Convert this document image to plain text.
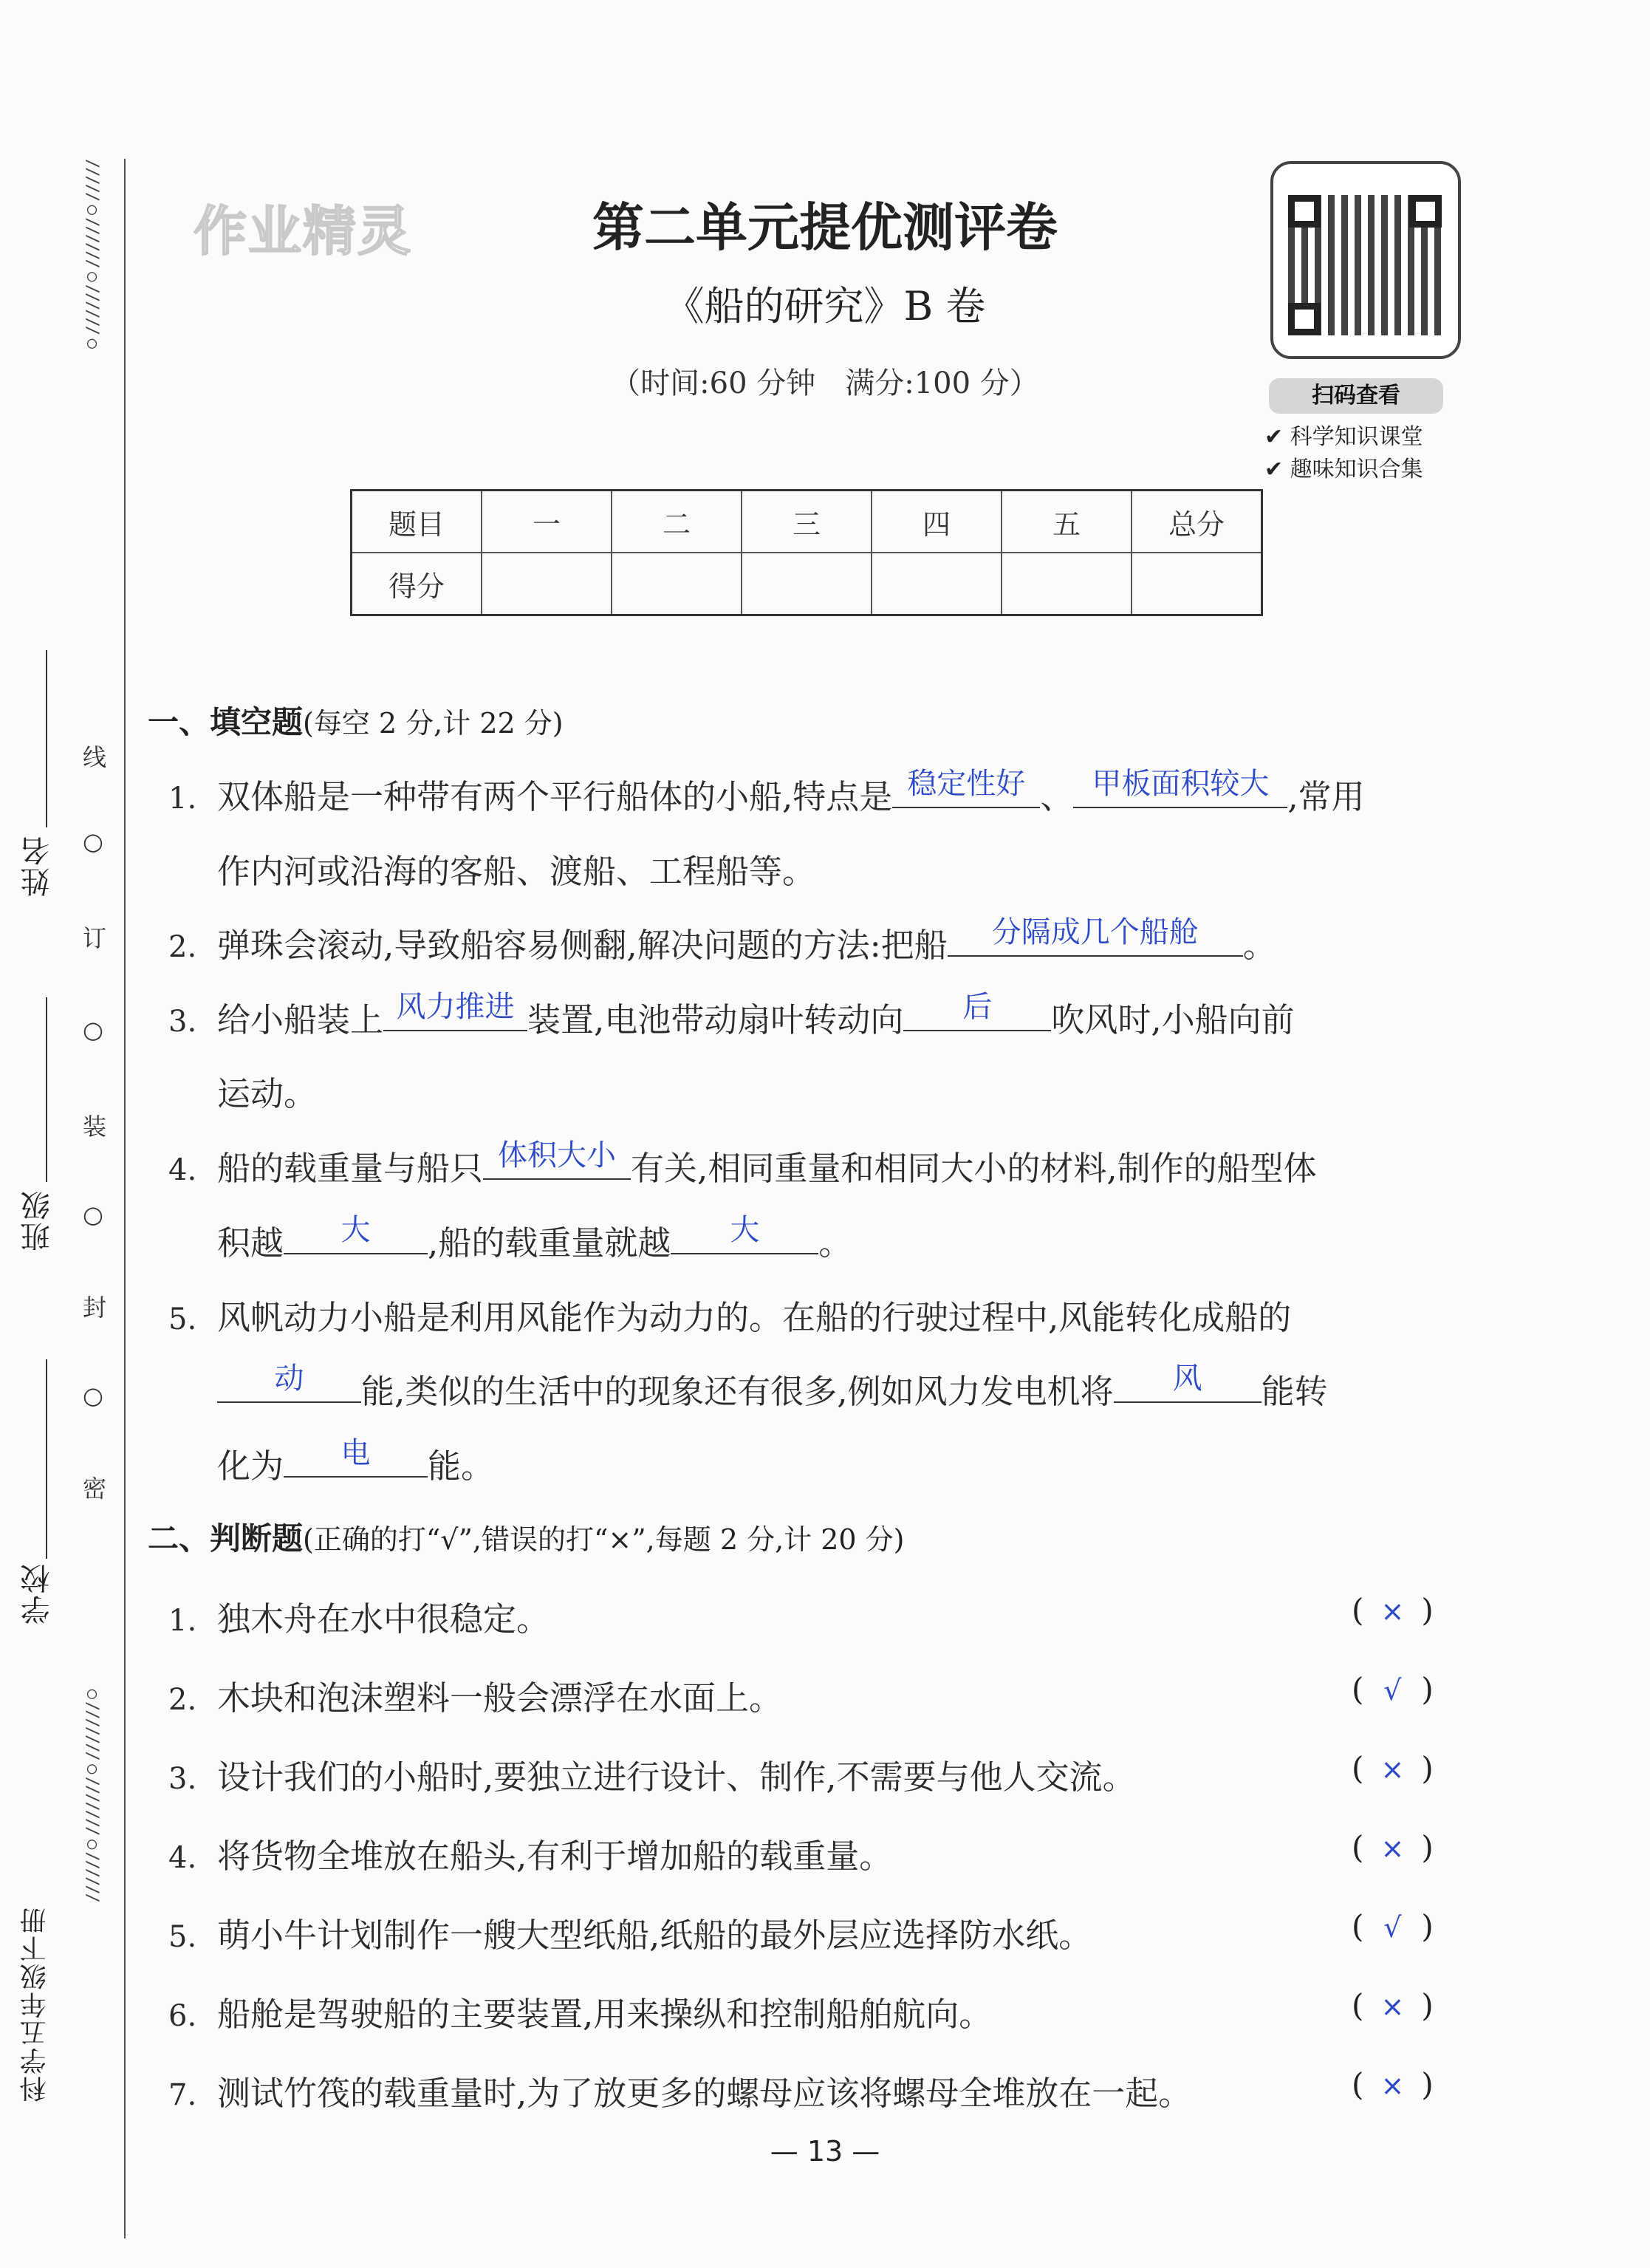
/////○//////○//////○
○///////○///////○//////
线
○
订
○
装
○
封
○
密
姓名
班级
学校
科学五年级下册
作业精灵	第二单元提优测评卷
《船的研究》B 卷
（时间:60 分钟　满分:100 分）	扫码查看
✔ 科学知识课堂
✔ 趣味知识合集
题目	一	二	三	四	五	总分
得分						
一、填空题(每空 2 分,计 22 分)
1. 双体船是一种带有两个平行船体的小船,特点是 稳定性好 、 甲板面积较大 ,常用
作内河或沿海的客船、渡船、工程船等。
2. 弹珠会滚动,导致船容易侧翻,解决问题的方法:把船	分隔成几个船舱	。
3. 给小船装上 风力推进 装置,电池带动扇叶转动向	后	吹风时,小船向前
运动。
4. 船的载重量与船只 体积大小 有关,相同重量和相同大小的材料,制作的船型体
积越	大	,船的载重量就越	大	。
5. 风帆动力小船是利用风能作为动力的。在船的行驶过程中,风能转化成船的
动	能,类似的生活中的现象还有很多,例如风力发电机将	风	能转
化为	电	能。
二、判断题(正确的打“√”,错误的打“×”,每题 2 分,计 20 分)
1. 独木舟在水中很稳定。	( × )
2. 木块和泡沫塑料一般会漂浮在水面上。	( √ )
3. 设计我们的小船时,要独立进行设计、制作,不需要与他人交流。	( × )
4. 将货物全堆放在船头,有利于增加船的载重量。	( × )
5. 萌小牛计划制作一艘大型纸船,纸船的最外层应选择防水纸。	( √ )
6. 船舱是驾驶船的主要装置,用来操纵和控制船舶航向。	( × )
7. 测试竹筏的载重量时,为了放更多的螺母应该将螺母全堆放在一起。	( × )
— 13 —
